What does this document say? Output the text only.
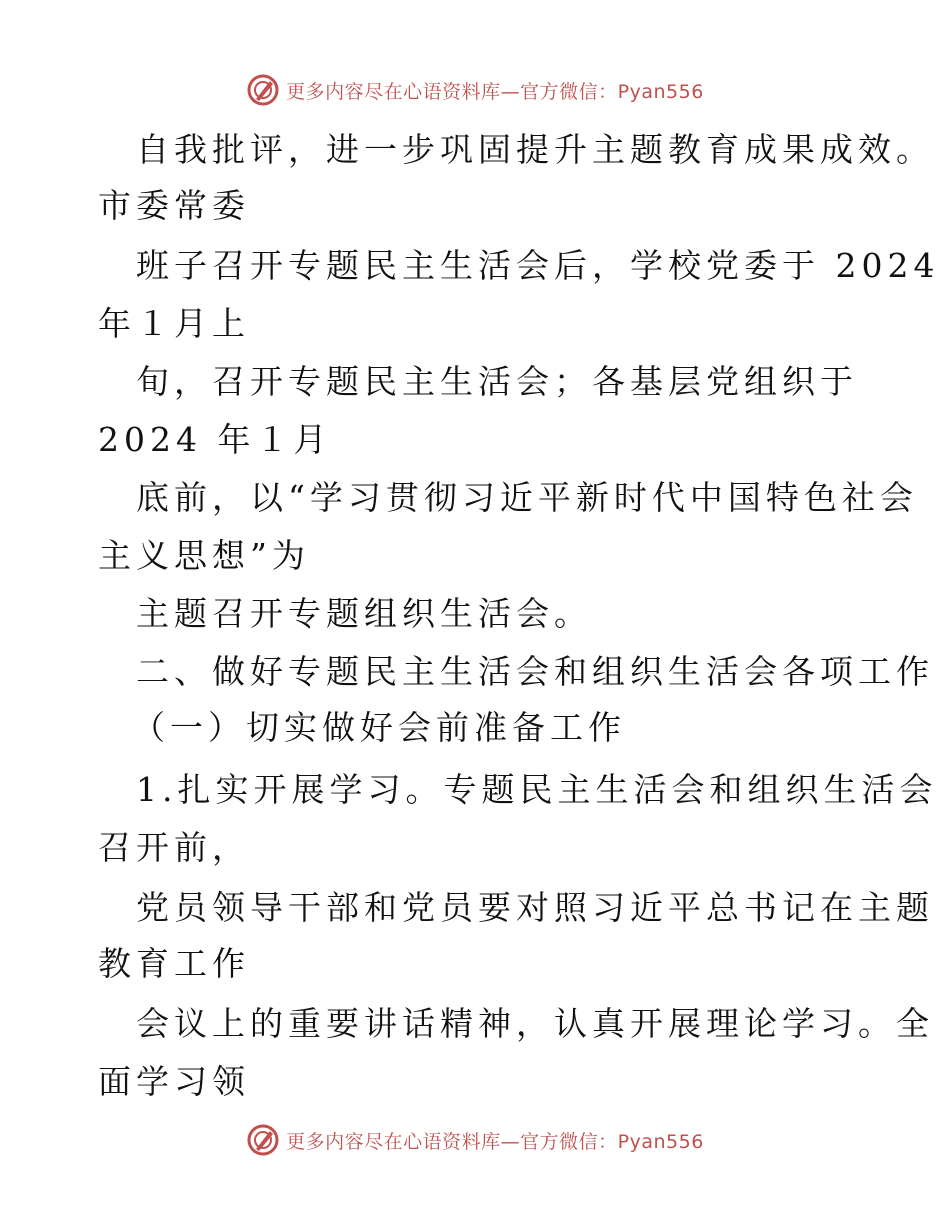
更多内容尽在心语资料库—官方微信：Pyan556
自我批评，进一步巩固提升主题教育成果成效。
市委常委
班子召开专题民主生活会后，学校党委于 2024
年１月上
旬，召开专题民主生活会；各基层党组织于
2024 年１月
底前，以“学习贯彻习近平新时代中国特色社会
主义思想”为
主题召开专题组织生活会。
二、做好专题民主生活会和组织生活会各项工作
（一）切实做好会前准备工作
1.扎实开展学习。专题民主生活会和组织生活会
召开前，
党员领导干部和党员要对照习近平总书记在主题
教育工作
会议上的重要讲话精神，认真开展理论学习。全
面学习领
更多内容尽在心语资料库—官方微信：Pyan556
